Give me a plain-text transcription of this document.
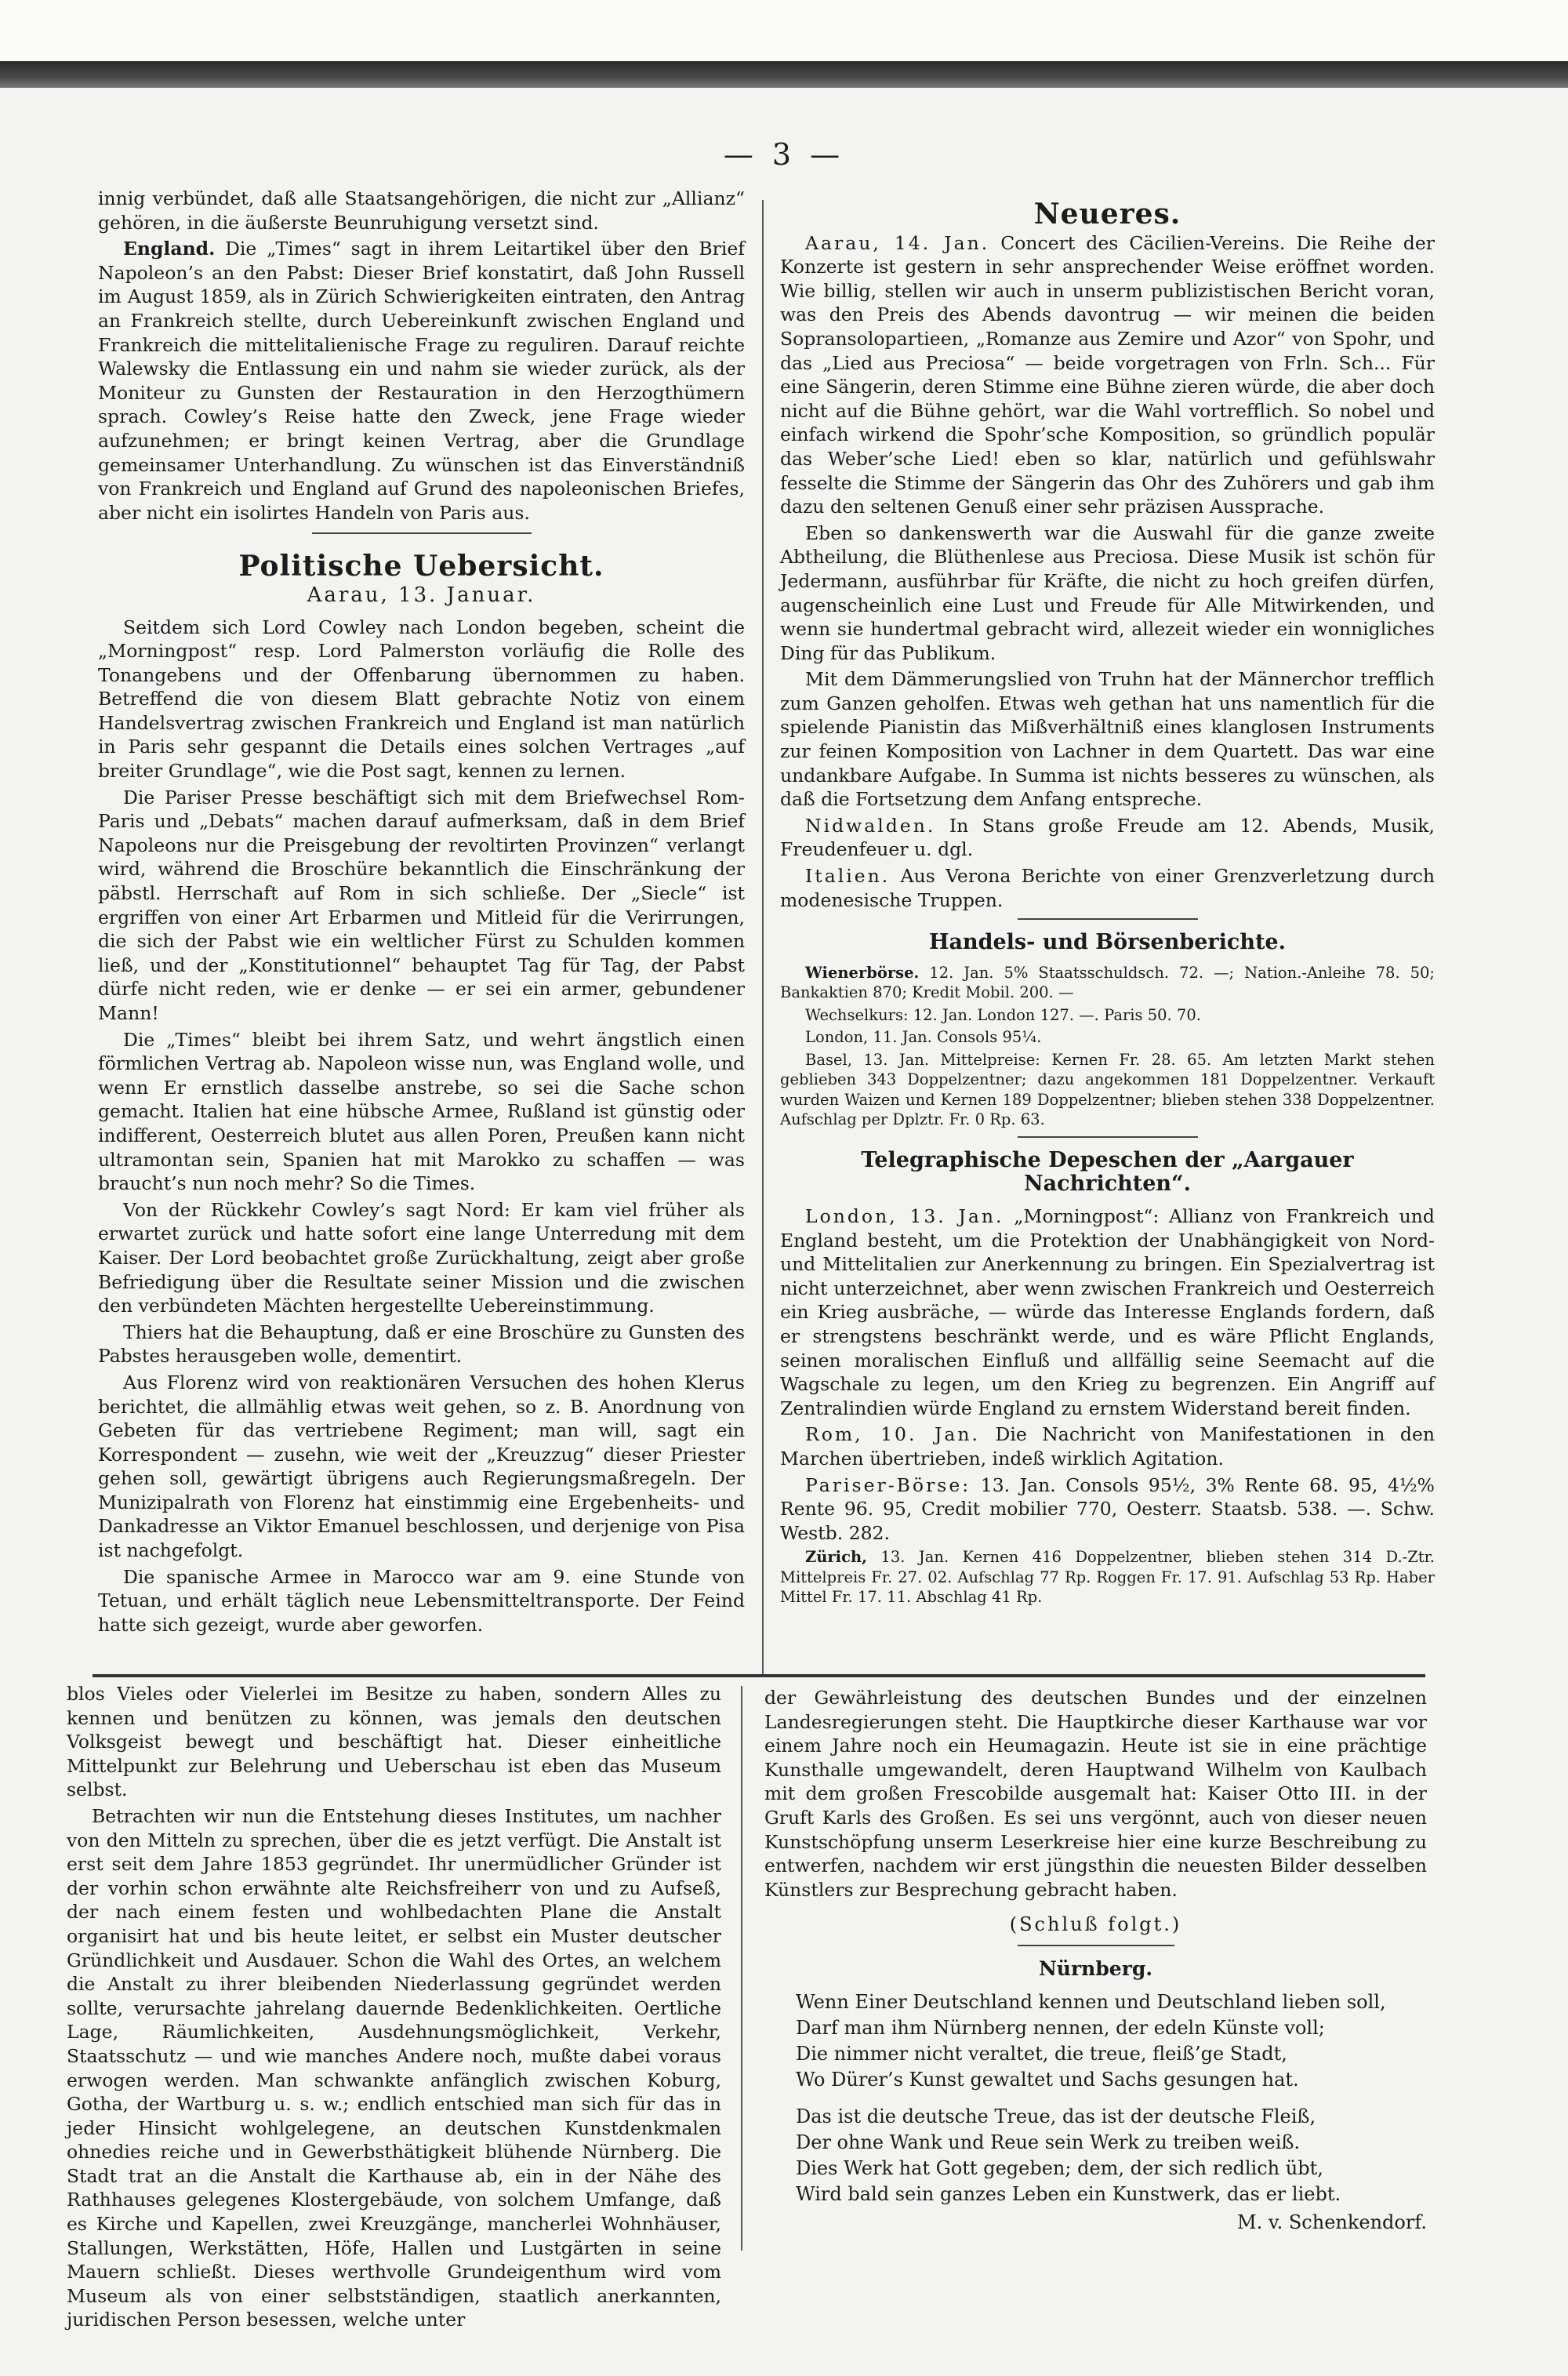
— 3 —

innig verbündet, daß alle Staatsangehörigen, die nicht zur „Allianz“ gehören, in die äußerste Beunruhigung versetzt sind.

England. Die „Times“ sagt in ihrem Leitartikel über den Brief Napoleon’s an den Pabst: Dieser Brief konstatirt, daß John Russell im August 1859, als in Zürich Schwierigkeiten eintraten, den Antrag an Frankreich stellte, durch Uebereinkunft zwischen England und Frankreich die mittelitalienische Frage zu reguliren. Darauf reichte Walewsky die Entlassung ein und nahm sie wieder zurück, als der Moniteur zu Gunsten der Restauration in den Herzogthümern sprach. Cowley’s Reise hatte den Zweck, jene Frage wieder aufzunehmen; er bringt keinen Vertrag, aber die Grundlage gemeinsamer Unterhandlung. Zu wünschen ist das Einverständniß von Frankreich und England auf Grund des napoleonischen Briefes, aber nicht ein isolirtes Handeln von Paris aus.

Politische Uebersicht.
Aarau, 13. Januar.

Seitdem sich Lord Cowley nach London begeben, scheint die „Morningpost“ resp. Lord Palmerston vorläufig die Rolle des Tonangebens und der Offenbarung übernommen zu haben. Betreffend die von diesem Blatt gebrachte Notiz von einem Handelsvertrag zwischen Frankreich und England ist man natürlich in Paris sehr gespannt die Details eines solchen Vertrages „auf breiter Grundlage“, wie die Post sagt, kennen zu lernen.

Die Pariser Presse beschäftigt sich mit dem Briefwechsel Rom-Paris und „Debats“ machen darauf aufmerksam, daß in dem Brief Napoleons nur die Preisgebung der revoltirten Provinzen“ verlangt wird, während die Broschüre bekanntlich die Einschränkung der päbstl. Herrschaft auf Rom in sich schließe. Der „Siecle“ ist ergriffen von einer Art Erbarmen und Mitleid für die Verirrungen, die sich der Pabst wie ein weltlicher Fürst zu Schulden kommen ließ, und der „Konstitutionnel“ behauptet Tag für Tag, der Pabst dürfe nicht reden, wie er denke — er sei ein armer, gebundener Mann!

Die „Times“ bleibt bei ihrem Satz, und wehrt ängstlich einen förmlichen Vertrag ab. Napoleon wisse nun, was England wolle, und wenn Er ernstlich dasselbe anstrebe, so sei die Sache schon gemacht. Italien hat eine hübsche Armee, Rußland ist günstig oder indifferent, Oesterreich blutet aus allen Poren, Preußen kann nicht ultramontan sein, Spanien hat mit Marokko zu schaffen — was braucht’s nun noch mehr? So die Times.

Von der Rückkehr Cowley’s sagt Nord: Er kam viel früher als erwartet zurück und hatte sofort eine lange Unterredung mit dem Kaiser. Der Lord beobachtet große Zurückhaltung, zeigt aber große Befriedigung über die Resultate seiner Mission und die zwischen den verbündeten Mächten hergestellte Uebereinstimmung.

Thiers hat die Behauptung, daß er eine Broschüre zu Gunsten des Pabstes herausgeben wolle, dementirt.

Aus Florenz wird von reaktionären Versuchen des hohen Klerus berichtet, die allmählig etwas weit gehen, so z. B. Anordnung von Gebeten für das vertriebene Regiment; man will, sagt ein Korrespondent — zusehn, wie weit der „Kreuzzug“ dieser Priester gehen soll, gewärtigt übrigens auch Regierungsmaßregeln. Der Munizipalrath von Florenz hat einstimmig eine Ergebenheits- und Dankadresse an Viktor Emanuel beschlossen, und derjenige von Pisa ist nachgefolgt.

Die spanische Armee in Marocco war am 9. eine Stunde von Tetuan, und erhält täglich neue Lebensmitteltransporte. Der Feind hatte sich gezeigt, wurde aber geworfen.

Neueres.

Aarau, 14. Jan. Concert des Cäcilien-Vereins. Die Reihe der Konzerte ist gestern in sehr ansprechender Weise eröffnet worden. Wie billig, stellen wir auch in unserm publizistischen Bericht voran, was den Preis des Abends davontrug — wir meinen die beiden Sopransolopartieen, „Romanze aus Zemire und Azor“ von Spohr, und das „Lied aus Preciosa“ — beide vorgetragen von Frln. Sch... Für eine Sängerin, deren Stimme eine Bühne zieren würde, die aber doch nicht auf die Bühne gehört, war die Wahl vortrefflich. So nobel und einfach wirkend die Spohr’sche Komposition, so gründlich populär das Weber’sche Lied! eben so klar, natürlich und gefühlswahr fesselte die Stimme der Sängerin das Ohr des Zuhörers und gab ihm dazu den seltenen Genuß einer sehr präzisen Aussprache.

Eben so dankenswerth war die Auswahl für die ganze zweite Abtheilung, die Blüthenlese aus Preciosa. Diese Musik ist schön für Jedermann, ausführbar für Kräfte, die nicht zu hoch greifen dürfen, augenscheinlich eine Lust und Freude für Alle Mitwirkenden, und wenn sie hundertmal gebracht wird, allezeit wieder ein wonnigliches Ding für das Publikum.

Mit dem Dämmerungslied von Truhn hat der Männerchor trefflich zum Ganzen geholfen. Etwas weh gethan hat uns namentlich für die spielende Pianistin das Mißverhältniß eines klanglosen Instruments zur feinen Komposition von Lachner in dem Quartett. Das war eine undankbare Aufgabe. In Summa ist nichts besseres zu wünschen, als daß die Fortsetzung dem Anfang entspreche.

Nidwalden. In Stans große Freude am 12. Abends, Musik, Freudenfeuer u. dgl.

Italien. Aus Verona Berichte von einer Grenzverletzung durch modenesische Truppen.

Handels- und Börsenberichte.

Wienerbörse. 12. Jan. 5% Staatsschuldsch. 72. —; Nation.-Anleihe 78. 50; Bankaktien 870; Kredit Mobil. 200. —

Wechselkurs: 12. Jan. London 127. —. Paris 50. 70.

London, 11. Jan. Consols 95¼.

Basel, 13. Jan. Mittelpreise: Kernen Fr. 28. 65. Am letzten Markt stehen geblieben 343 Doppelzentner; dazu angekommen 181 Doppelzentner. Verkauft wurden Waizen und Kernen 189 Doppelzentner; blieben stehen 338 Doppelzentner. Aufschlag per Dplztr. Fr. 0 Rp. 63.

Telegraphische Depeschen der „Aargauer Nachrichten“.

London, 13. Jan. „Morningpost“: Allianz von Frankreich und England besteht, um die Protektion der Unabhängigkeit von Nord- und Mittelitalien zur Anerkennung zu bringen. Ein Spezialvertrag ist nicht unterzeichnet, aber wenn zwischen Frankreich und Oesterreich ein Krieg ausbräche, — würde das Interesse Englands fordern, daß er strengstens beschränkt werde, und es wäre Pflicht Englands, seinen moralischen Einfluß und allfällig seine Seemacht auf die Wagschale zu legen, um den Krieg zu begrenzen. Ein Angriff auf Zentralindien würde England zu ernstem Widerstand bereit finden.

Rom, 10. Jan. Die Nachricht von Manifestationen in den Marchen übertrieben, indeß wirklich Agitation.

Pariser-Börse: 13. Jan. Consols 95½, 3% Rente 68. 95, 4½% Rente 96. 95, Credit mobilier 770, Oesterr. Staatsb. 538. —. Schw. Westb. 282.

Zürich, 13. Jan. Kernen 416 Doppelzentner, blieben stehen 314 D.-Ztr. Mittelpreis Fr. 27. 02. Aufschlag 77 Rp. Roggen Fr. 17. 91. Aufschlag 53 Rp. Haber Mittel Fr. 17. 11. Abschlag 41 Rp.

blos Vieles oder Vielerlei im Besitze zu haben, sondern Alles zu kennen und benützen zu können, was jemals den deutschen Volksgeist bewegt und beschäftigt hat. Dieser einheitliche Mittelpunkt zur Belehrung und Ueberschau ist eben das Museum selbst.

Betrachten wir nun die Entstehung dieses Institutes, um nachher von den Mitteln zu sprechen, über die es jetzt verfügt. Die Anstalt ist erst seit dem Jahre 1853 gegründet. Ihr unermüdlicher Gründer ist der vorhin schon erwähnte alte Reichsfreiherr von und zu Aufseß, der nach einem festen und wohlbedachten Plane die Anstalt organisirt hat und bis heute leitet, er selbst ein Muster deutscher Gründlichkeit und Ausdauer. Schon die Wahl des Ortes, an welchem die Anstalt zu ihrer bleibenden Niederlassung gegründet werden sollte, verursachte jahrelang dauernde Bedenklichkeiten. Oertliche Lage, Räumlichkeiten, Ausdehnungsmöglichkeit, Verkehr, Staatsschutz — und wie manches Andere noch, mußte dabei voraus erwogen werden. Man schwankte anfänglich zwischen Koburg, Gotha, der Wartburg u. s. w.; endlich entschied man sich für das in jeder Hinsicht wohlgelegene, an deutschen Kunstdenkmalen ohnedies reiche und in Gewerbsthätigkeit blühende Nürnberg. Die Stadt trat an die Anstalt die Karthause ab, ein in der Nähe des Rathhauses gelegenes Klostergebäude, von solchem Umfange, daß es Kirche und Kapellen, zwei Kreuzgänge, mancherlei Wohnhäuser, Stallungen, Werkstätten, Höfe, Hallen und Lustgärten in seine Mauern schließt. Dieses werthvolle Grundeigenthum wird vom Museum als von einer selbstständigen, staatlich anerkannten, juridischen Person besessen, welche unter

der Gewährleistung des deutschen Bundes und der einzelnen Landesregierungen steht. Die Hauptkirche dieser Karthause war vor einem Jahre noch ein Heumagazin. Heute ist sie in eine prächtige Kunsthalle umgewandelt, deren Hauptwand Wilhelm von Kaulbach mit dem großen Frescobilde ausgemalt hat: Kaiser Otto III. in der Gruft Karls des Großen. Es sei uns vergönnt, auch von dieser neuen Kunstschöpfung unserm Leserkreise hier eine kurze Beschreibung zu entwerfen, nachdem wir erst jüngsthin die neuesten Bilder desselben Künstlers zur Besprechung gebracht haben.

(Schluß folgt.)
Nürnberg.
Wenn Einer Deutschland kennen und Deutschland lieben soll,
Darf man ihm Nürnberg nennen, der edeln Künste voll;
Die nimmer nicht veraltet, die treue, fleiß’ge Stadt,
Wo Dürer’s Kunst gewaltet und Sachs gesungen hat.
Das ist die deutsche Treue, das ist der deutsche Fleiß,
Der ohne Wank und Reue sein Werk zu treiben weiß.
Dies Werk hat Gott gegeben; dem, der sich redlich übt,
Wird bald sein ganzes Leben ein Kunstwerk, das er liebt.
M. v. Schenkendorf.
